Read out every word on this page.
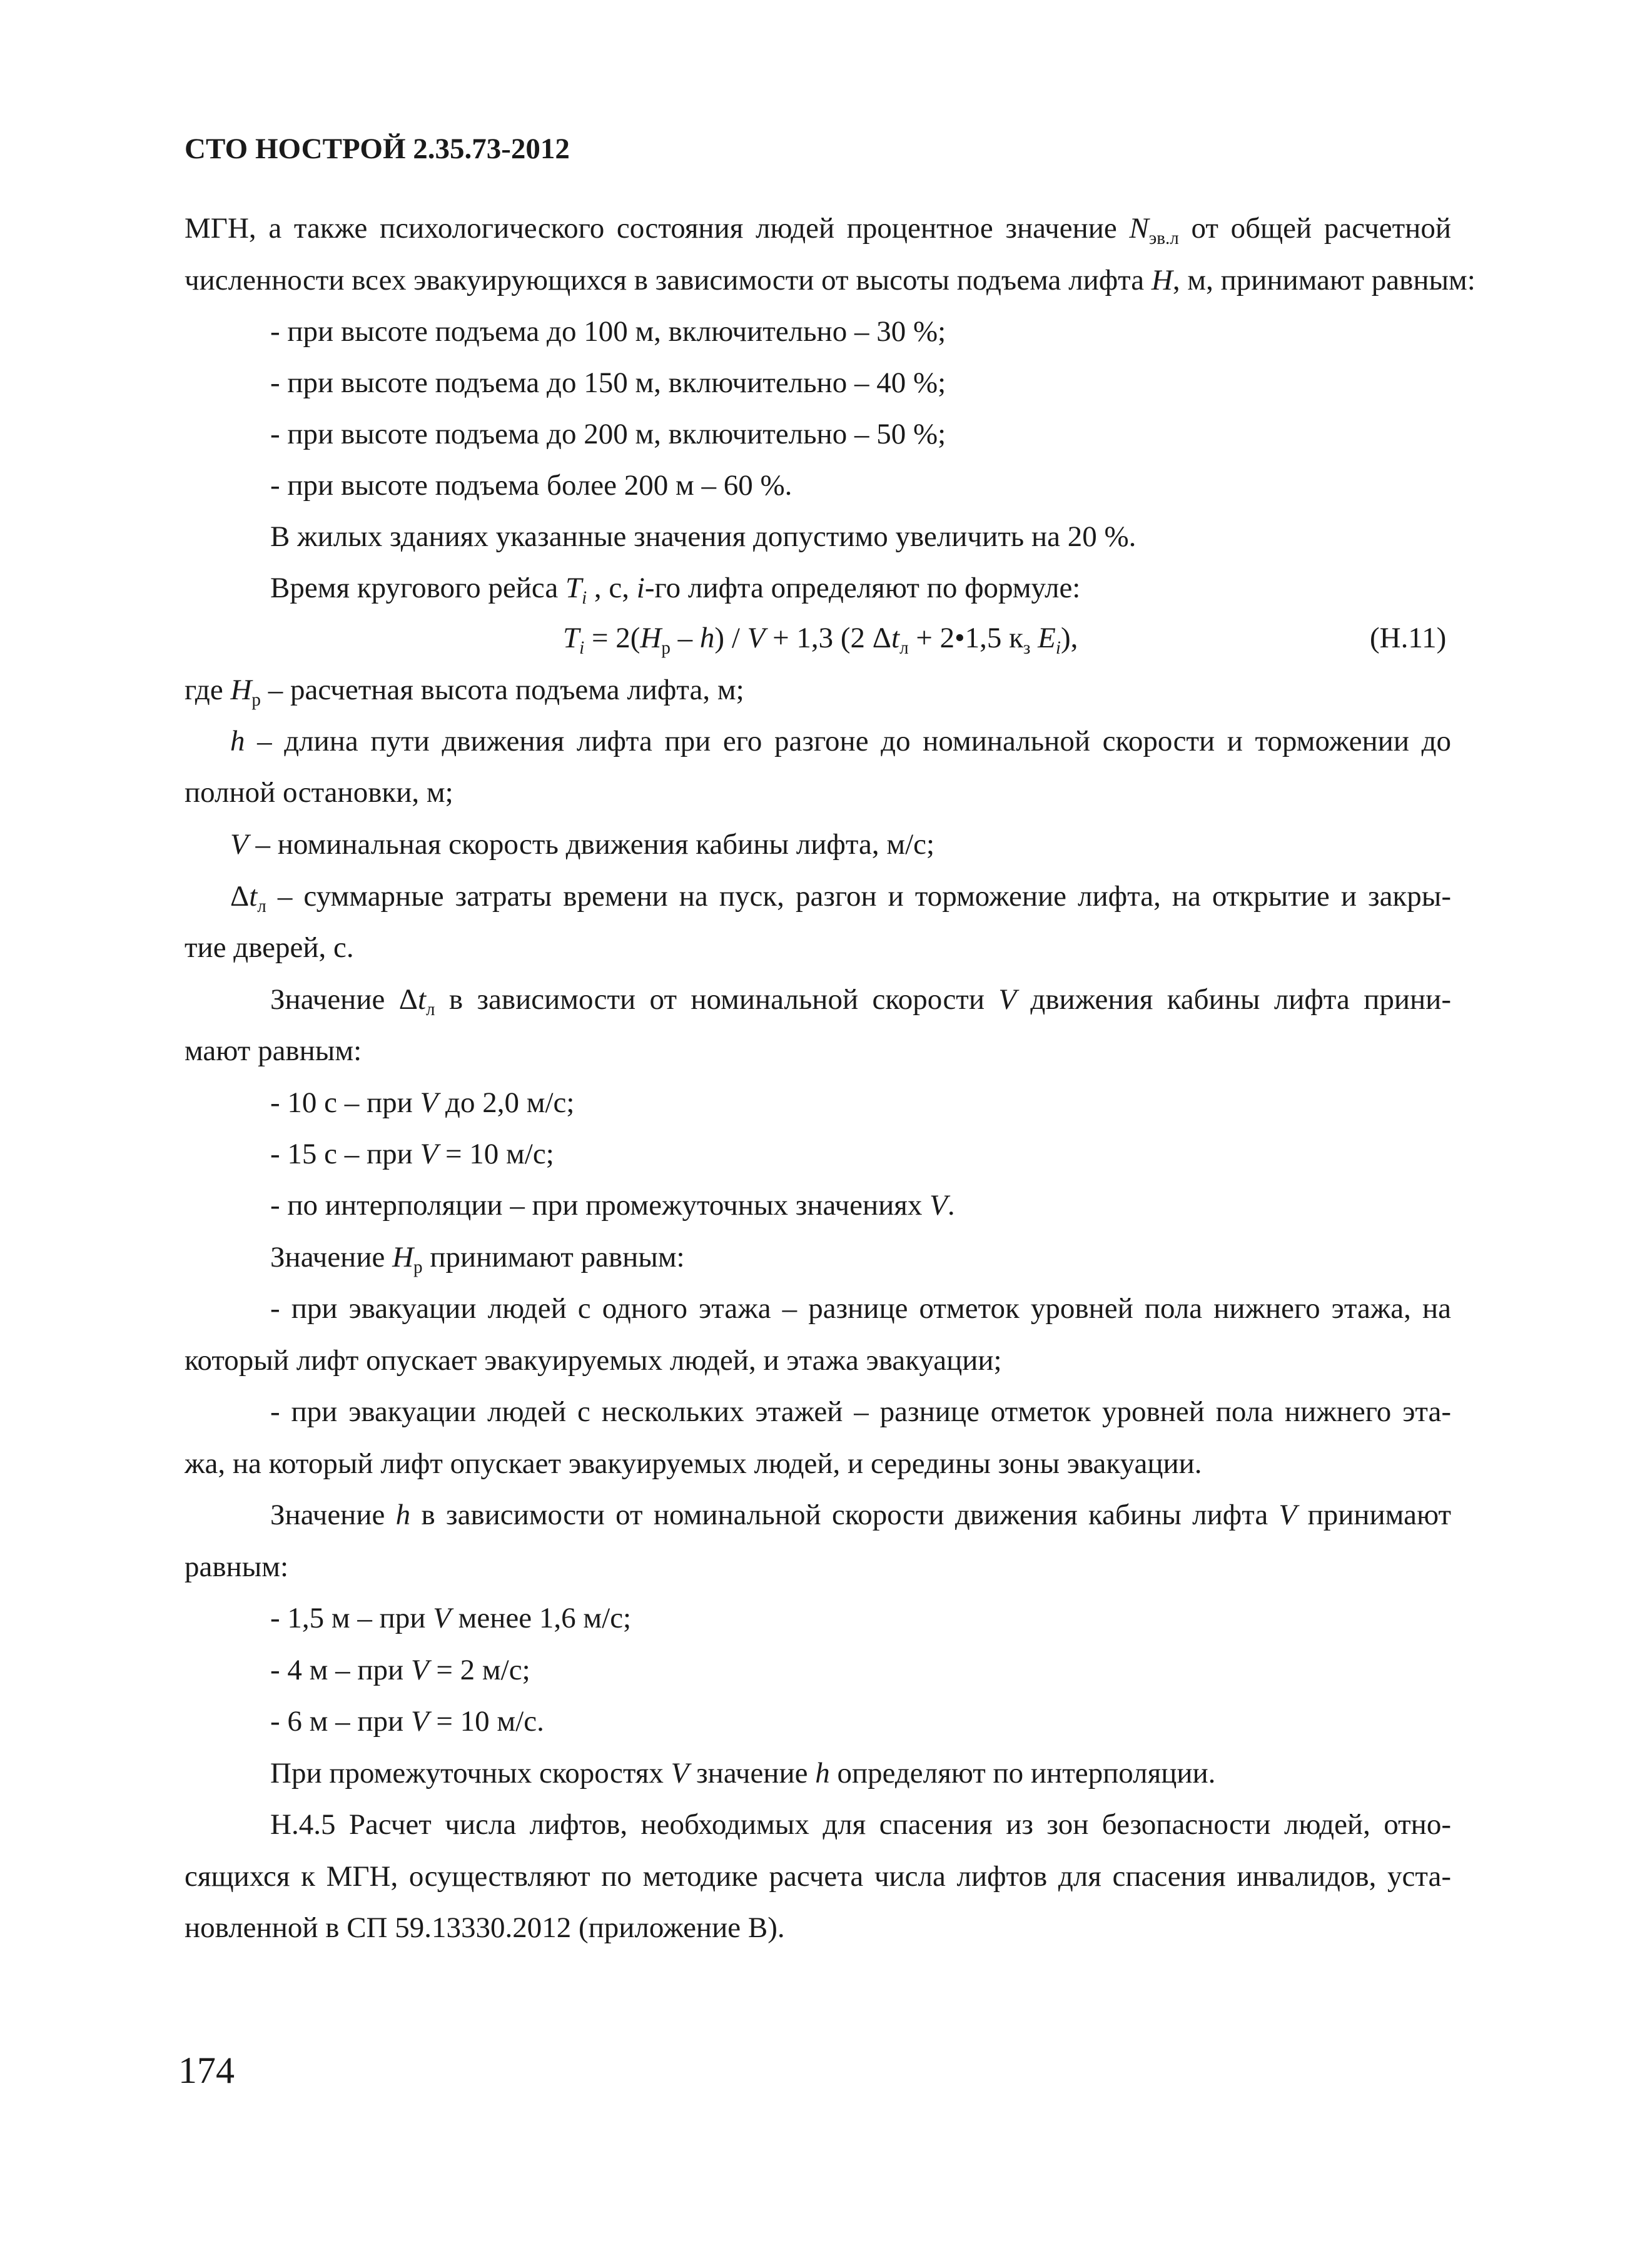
СТО НОСТРОЙ 2.35.73-2012
МГН, а также психологического состояния людей процентное значение $N_{эв.л}$ от общей расчетной
численности всех эвакуирующихся в зависимости от высоты подъема лифта H, м, принимают равным:
- при высоте подъема до 100 м, включительно – 30 %;
- при высоте подъема до 150 м, включительно – 40 %;
- при высоте подъема до 200 м, включительно – 50 %;
- при высоте подъема более 200 м – 60 %.
В жилых зданиях указанные значения допустимо увеличить на 20 %.
Время кругового рейса $T_i$ , с, i-го лифта определяют по формуле:
$T_i = 2(H_р - h) / V + 1,3$ (2 $\Delta t_л$ + 2•1,5 $к_з$ $E_i$),	(Н.11)
где $H_р$ – расчетная высота подъема лифта, м;
h – длина пути движения лифта при его разгоне до номинальной скорости и торможении до
полной остановки, м;
V – номинальная скорость движения кабины лифта, м/с;
$\Delta t_л$ – суммарные затраты времени на пуск, разгон и торможение лифта, на открытие и закры-
тие дверей, с.
Значение $\Delta t_л$ в зависимости от номинальной скорости V движения кабины лифта прини-
мают равным:
- 10 с – при V до 2,0 м/с;
- 15 с – при V = 10 м/с;
- по интерполяции – при промежуточных значениях V.
Значение $H_р$ принимают равным:
- при эвакуации людей с одного этажа – разнице отметок уровней пола нижнего этажа, на
который лифт опускает эвакуируемых людей, и этажа эвакуации;
- при эвакуации людей с нескольких этажей – разнице отметок уровней пола нижнего эта-
жа, на который лифт опускает эвакуируемых людей, и середины зоны эвакуации.
Значение h в зависимости от номинальной скорости движения кабины лифта V принимают
равным:
- 1,5 м – при V менее 1,6 м/с;
- 4 м – при V = 2 м/с;
- 6 м – при V = 10 м/с.
При промежуточных скоростях V значение h определяют по интерполяции.
Н.4.5 Расчет числа лифтов, необходимых для спасения из зон безопасности людей, отно-
сящихся к МГН, осуществляют по методике расчета числа лифтов для спасения инвалидов, уста-
новленной в СП 59.13330.2012 (приложение В).
174
